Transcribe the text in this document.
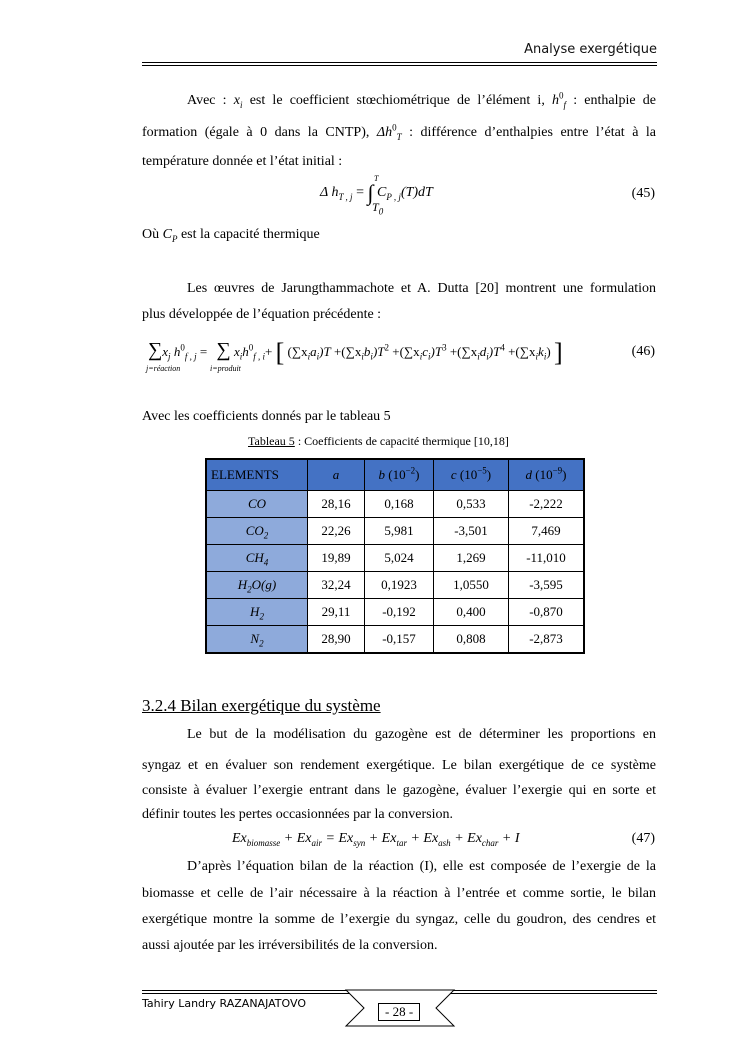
Analyse exergétique
Avec : $x_i$ est le coefficient stœchiométrique de l’élément i, $h^0_f$ : enthalpie de
formation (égale à 0 dans la CNTP), $\Delta h^0_T$ : différence d’enthalpies entre l’état à la
température donnée et l’état initial :
Δ $h_{T , j}$ = ∫
T
$T_0$
$C_{P , j}(T)dT$	(45)
Où $C_P$ est la capacité thermique
Les œuvres de Jarungthammachote et A. Dutta [20] montrent une formulation
plus développée de l’équation précédente :
$\sum x_j$ $h^0_{f , j}$ = ∑ $x_ih^0_{f , i}+$ [ $(\sum x_ia_i)T +(\sum x_ib_i)T^2 +(\sum x_ic_i)T^3 +(\sum x_id_i)T^4 +(\sum x_ik_i)$ ]
j=réaction	i=produit
(46)
Avec les coefficients donnés par le tableau 5
Tableau 5 : Coefficients de capacité thermique [10,18]
ELEMENTS	a	b $(10^{-2})$	c $(10^{-5})$	d $(10^{-9})$
CO	28,16	0,168	0,533	-2,222
$CO_2$	22,26	5,981	-3,501	7,469
$CH_4$	19,89	5,024	1,269	-11,010
$H_2O(g)$	32,24	0,1923	1,0550	-3,595
$H_2$	29,11	-0,192	0,400	-0,870
$N_2$	28,90	-0,157	0,808	-2,873
3.2.4 Bilan exergétique du système
Le but de la modélisation du gazogène est de déterminer les proportions en
syngaz et en évaluer son rendement exergétique. Le bilan exergétique de ce système
consiste à évaluer l’exergie entrant dans le gazogène, évaluer l’exergie qui en sorte et
définir toutes les pertes occasionnées par la conversion.
$Ex_{biomasse} + Ex_{air} = Ex_{syn} + Ex_{tar} + Ex_{ash} + Ex_{char} + I$	(47)
D’après l’équation bilan de la réaction (I), elle est composée de l’exergie de la
biomasse et celle de l’air nécessaire à la réaction à l’entrée et comme sortie, le bilan
exergétique montre la somme de l’exergie du syngaz, celle du goudron, des cendres et
aussi ajoutée par les irréversibilités de la conversion.
Tahiry Landry RAZANAJATOVO
- 28 -
